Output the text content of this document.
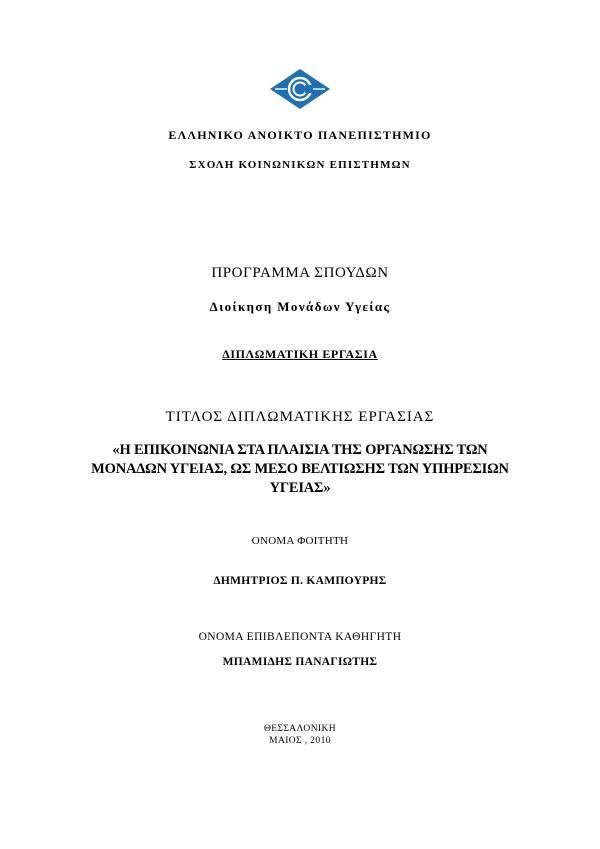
ΕΛΛΗΝΙΚΟ ΑΝΟΙΚΤΟ ΠΑΝΕΠΙΣΤΗΜΙΟ
ΣΧΟΛΗ ΚΟΙΝΩΝΙΚΩΝ ΕΠΙΣΤΗΜΩΝ
ΠΡΟΓΡΑΜΜΑ ΣΠΟΥΔΩΝ
Διοίκηση Μονάδων Υγείας
ΔΙΠΛΩΜΑΤΙΚΗ ΕΡΓΑΣΙΑ
ΤΙΤΛΟΣ ΔΙΠΛΩΜΑΤΙΚΗΣ ΕΡΓΑΣΙΑΣ
«Η ΕΠΙΚΟΙΝΩΝΙΑ ΣΤΑ ΠΛΑΙΣΙΑ ΤΗΣ ΟΡΓΑΝΩΣΗΣ ΤΩΝ
ΜΟΝΑΔΩΝ ΥΓΕΙΑΣ, ΩΣ ΜΕΣΟ ΒΕΛΤΙΩΣΗΣ ΤΩΝ ΥΠΗΡΕΣΙΩΝ
ΥΓΕΙΑΣ»
ΟΝΟΜΑ ΦΟΙΤΗΤΗ
ΔΗΜΗΤΡΙΟΣ Π. ΚΑΜΠΟΥΡΗΣ
ΟΝΟΜΑ ΕΠΙΒΛΕΠΟΝΤΑ ΚΑΘΗΓΗΤΗ
ΜΠΑΜΙΔΗΣ ΠΑΝΑΓΙΩΤΗΣ
ΘΕΣΣΑΛΟΝΙΚΗ
ΜΑΙΟΣ , 2010
